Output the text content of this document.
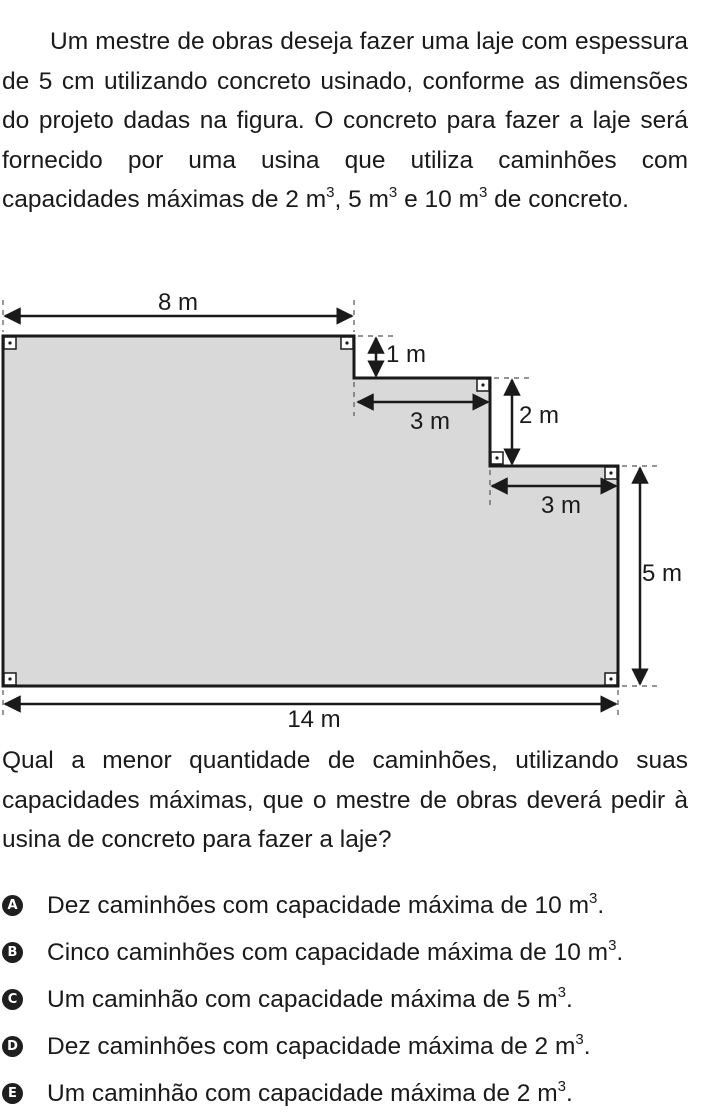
Um mestre de obras deseja fazer uma laje com espessura de 5 cm utilizando concreto usinado, conforme as dimensões do projeto dadas na figura. O concreto para fazer a laje será fornecido por uma usina que utiliza caminhões com capacidades máximas de 2 $m^3$, 5 $m^3$ e 10 $m^3$ de concreto.

8 m
1 m
3 m	2 m
3 m
5 m
14 m

Qual a menor quantidade de caminhões, utilizando suas capacidades máximas, que o mestre de obras deverá pedir à usina de concreto para fazer a laje?

A Dez caminhões com capacidade máxima de 10 $m^3$.
B Cinco caminhões com capacidade máxima de 10 $m^3$.
C Um caminhão com capacidade máxima de 5 $m^3$.
D Dez caminhões com capacidade máxima de 2 $m^3$.
E Um caminhão com capacidade máxima de 2 $m^3$.
